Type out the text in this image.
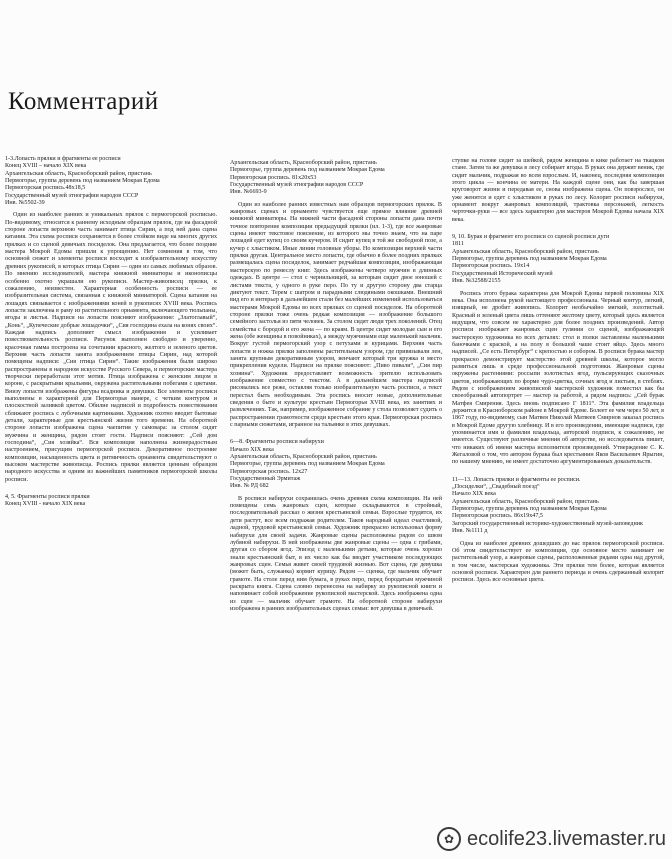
Комментарий
1-3.Лопасть прялки и фрагменты ее росписи
Конец XVIII – начало XIX века
Архангельская область, Красноборский район, пристань
Пермогорье, группа деревень под названием Мокрая Едома
Пермогорская роспись.48х18,5
Государственный музей этнографии народов СССР
Инв. №5502-39

Один из наиболее ранних и уникальных прялок с пермогорской росписью. По-видимому, относится к раннему исходным образцам прялок, где на фасадной стороне лопасти верхнюю часть занимает птица Сирин, а под ней дана сцена катания. Эта схема росписи сохраняется в более стойком виде на многих других прялках и со сценой девичьих посиделок. Она предлагается, что более поздние мастера Мокрой Едомы пришли к упрощению. Нет сомнения в том, что основной сюжет и элементы росписи восходят к изобразительному искусству древних рукописей, в которых птица Сирин — один из самых любимых образов. По мнению исследователей, мастера книжной миниатюры и иконописцы особенно охотно украшали ею рукописи. Мастер-живописец прялки, к сожалению, неизвестен. Характерная особенность росписи — ее изобразительная система, связанная с книжной миниатюрой. Сцена катания на лошадях связывается с изображениями коней в рукописях XVIII века. Роспись лопасти заключена в раму из растительного орнамента, включающего тюльпаны, ягоды и листья. Надписи на лопасти поясняют изображение: „Златоглавый“, „Конь“, „Купеческие добрые лошадочки“, „Сия господина ехала на конях своих“. Каждая надпись дополняет смысл изображения и усиливает повествовательность росписи. Рисунок выполнен свободно и уверенно, красочная гамма построена на сочетании красного, желтого и зеленого цветов. Верхняя часть лопасти занята изображением птицы Сирин, над которой помещены надписи: „Сия птица Сирин“. Такие изображения были широко распространены в народном искусстве Русского Севера, и пермогорские мастера творчески переработали этот мотив. Птица изображена с женским лицом в короне, с раскрытыми крыльями, окружена растительными побегами с цветами. Внизу лопасти изображены фигуры всадника и девушки. Все элементы росписи выполнены в характерной для Пермогорья манере, с четким контуром и плоскостной заливкой цветом. Обилие надписей и подробность повествования сближают роспись с лубочными картинками. Художник охотно вводит бытовые детали, характерные для крестьянской жизни того времени. На оборотной стороне лопасти изображена сцена чаепития у самовара: за столом сидят мужчина и женщина, рядом стоят гости. Надписи поясняют: „Сей дом господина“, „Сия хозяйка“. Вся композиция наполнена жизнерадостным настроением, присущим пермогорской росписи. Декоративное построение композиции, насыщенность цвета и ритмичность орнамента свидетельствуют о высоком мастерстве живописца. Роспись прялки является ценным образцом народного искусства и одним из важнейших памятников пермогорской школы росписи.

4, 5. Фрагменты росписи прялки
Конец XVIII - начало XIX века
Архангельская область, Красноборский район, пристань
Пермогорье, группа деревень под названием Мокрая Едома
Пермогорская роспись. 81х20х53
Государственный музей этнографии народов СССР
Инв. №6693-9

Один из наиболее ранних известных нам образцов пермогорских прялок. В жанровых сценах и орнаменте чувствуется еще прямое влияние древней книжной миниатюры. На нижней части фасадной стороны лопасти дана почти точное повторение композиции предыдущей прялки (ил. 1-3), где все жанровые сцены имеют текстовое пояснение, из которого мы точно знаем, что на паре лошадей едет купец со своим кучером. И сидит купец в той же свободной позе, а кучер с хлыстиком. Иные линии головные уборы. Но композиция верхней части прялки другая. Центральное место лопасти, где обычно в более поздних прялках размещалась сцена посиделок, занимает редчайшая композиция, изображающая мастерскую по ремеслу книг. Здесь изображены четверо мужчин в длинных одеждах. В центре — стол с чернильницей, за которым сидит двое юношей с листами текста, у одного в руке перо. По ту и другую сторону два старца диктуют текст. Терем с шатром и парадными слюдяными окошками. Внешний вид его и интерьер в дальнейшем стали без малейших изменений использоваться мастерами Мокрой Едомы во всех прялках со сценой посиделок. На оборотной стороне прялки тоже очень редкая композиция — изображение большого семейного застолья из пяти человек. За столом сидят люди трех поколений. Отец семейства с бородой и его жена — по краям. В центре сидят молодые сын и его жена (обе женщины в повойниках), а между мужчинами еще маленький мальчик. Вокруг густой пермогорский узор с петухами и курицами. Верхняя часть лопасти и ножка прялки заполнены растительным узором, где привязывали лен, занята крупным декоративным узором, венчают который три кружка и место прикрепления кудели. Надписи на прялке поясняют: „Пиво пивали“, „Сия пир хозяина“. Художник предоставляет возможность зрителю использовать изображение совместно с текстом. А в дальнейшем мастера надписей рисовались все реже, оставляя только изобразительную часть росписи, а текст перестал быть необходимым. Эта роспись вносит новые, дополнительные сведения о быте и культуре крестьян Пермогорья XVIII века, их занятиях и развлечениях. Так, например, изображенное собрание у стола позволяет судить о распространении грамотности среди крестьян этого края. Пермогорская роспись с парными сюжетами, игранное на тальянке в этих девушках.

6—8. Фрагменты росписи набирухи
Начало XIX века
Архангельская область, Красноборский район, пристань
Пермогорье, группа деревень под названием Мокрая Едома
Пермогорская роспись. 12х27
Государственный Эрмитаж
Инв. № РД 682

В росписи набирухи сохранилась очень древняя схема композиции. На ней помещены семь жанровых сцен, которые складываются в стройный, последовательный рассказ о жизни крестьянской семьи. Взрослые трудятся, их дети растут, все всем подражая родителям. Таков народный идеал счастливой, ладной, трудовой крестьянской семьи. Художник прекрасно использовал форму набирухи для своей задачи. Жанровые сцены расположены рядом со швом лубяной набирухи. В ней изображены две жанровые сцены — одна с грибами, другая со сбором ягод. Эпизод с маленькими детьми, которые очень хорошо знали крестьянский быт, в их число как бы вводит участником последующих жанровых сцен. Семья живет своей трудовой жизнью. Вот сцена, где девушка (может быть, служанка) кормит курицу. Рядом — сценка, где мальчик обучает грамоте. На столе перед ним бумага, в руках перо, перед бородатым мужчиной раскрыта книга. Сцена словно перенесена на набирку из рукописной книги и напоминает собой изображение рукописной мастерской. Здесь изображена одна из сцен — мальчик обучает грамоте. На оборотной стороне набирухи изображена в ранних изобразительных сценах семьи: вот девушка в девичьей.

ступке на голове сидит за шейкой, рядом женщина в кике работает на ткацком стане. Затем та же девушка в лесу собирает ягоды. В руках она держит веник, где сидит мальчик, подражая во всем взрослым. И, наконец, последняя композиция этого цикла — кончина ее матери. На каждой сцене они, как бы завершая круговорот жизни и передавая ее, снова изображена сцена. Он повзрослел, он уже женится и едет с хлыстиком в руках по лесу. Колорит росписи набирухи, орнамент вокруг жанровых композиций, трактовка персонажей, легкость черточки-руки — все здесь характерно для мастеров Мокрой Едомы начала XIX века.

9, 10. Бурак и фрагмент его росписи со сценой росписи дуги
1811
Архангельская область, Красноборский район, пристань
Пермогорье, группа деревень под названием Мокрая Едома
Пермогорская роспись. 19х14
Государственный Исторический музей
Инв. №32588/2155

Роспись этого бурака характерна для Мокрой Едомы первой половины XIX века. Она исполнена рукой настоящего профессионала. Черный контур, легкий, изящный, не дробит живопись. Колорит необычайно мягкий, золотистый. Красный и зеленый цвета лишь оттеняют желтому цвету, который здесь является ведущим, что совсем не характерно для более поздних произведений. Автор росписи изображает жанровых сцен гуляния со сценой, изображающей мастерскую художника во всех деталях: стол и полки заставлены маленькими баночками с краской, а на полу в большой чаше стоит яйцо. Здесь много надписей. „Се есть Петербург“ с крепостью и собором. В росписи бурака мастер прекрасно демонстрирует мастерство этой древней школы, которое могло развиться лишь в среде профессиональной подготовки. Жанровые сцены окружены растениями: россыпи золотистых ягод, пульсирующих сказочных цветов, изображающих по форме чудо-цветка, сочных ягод и листьев, в стеблях. Рядом с изображением живописной мастерской художник поместил как бы своеобразный автопортрет — мастер за работой, а рядом надпись: „Сей бурак Матфея Смирения. Здесь вновь подписано Г 1811“. Эта фамилия владельца держится в Красноборском районе в Мокрой Едоме. Болеет ее чем через 50 лет, в 1867 году, по-видимому, сын Матвея Николай Матвеев Смирнов заказал роспись в Мокрой Едоме другую хлебницу. И в его произведении, имеющие надписи, где упоминается имя и фамилия владельца, авторской подписи, к сожалению, не имеется. Существуют различные мнения об авторстве, но исследователь пишет, что никаких об имени мастера исполнителя произведений. Утверждение С. К. Жегаловой о том, что автором бурака был крестьянин Яков Васильевич Ярыгин, по нашему мнению, не имеет достаточно аргументированных доказательств.

11—13. Лопасть прялки и фрагменты ее росписи.
„Посиделки“, „Свадебный поезд“
Начало XIX века
Архангельская область, Красноборский район, пристань
Пермогорье, группа деревень под названием Мокрая Едома
Пермогорская роспись. 86х19х47,5
Загорский государственный историко-художественный музей-заповедник
Инв. №1111 д

Одна из наиболее древних дошедших до нас прялок пермогорской росписи. Об этом свидетельствует ее композиция, где основное место занимает не растительный узор, а жанровые сцены, расположенные рядами одна над другой, в том числе, мастерская художника. Эти прялки тем более, которая является основой росписи. Характерен для раннего периода и очень сдержанный колорит росписи. Здесь все основные цвета.

✿ ecolife23.livemaster.ru
